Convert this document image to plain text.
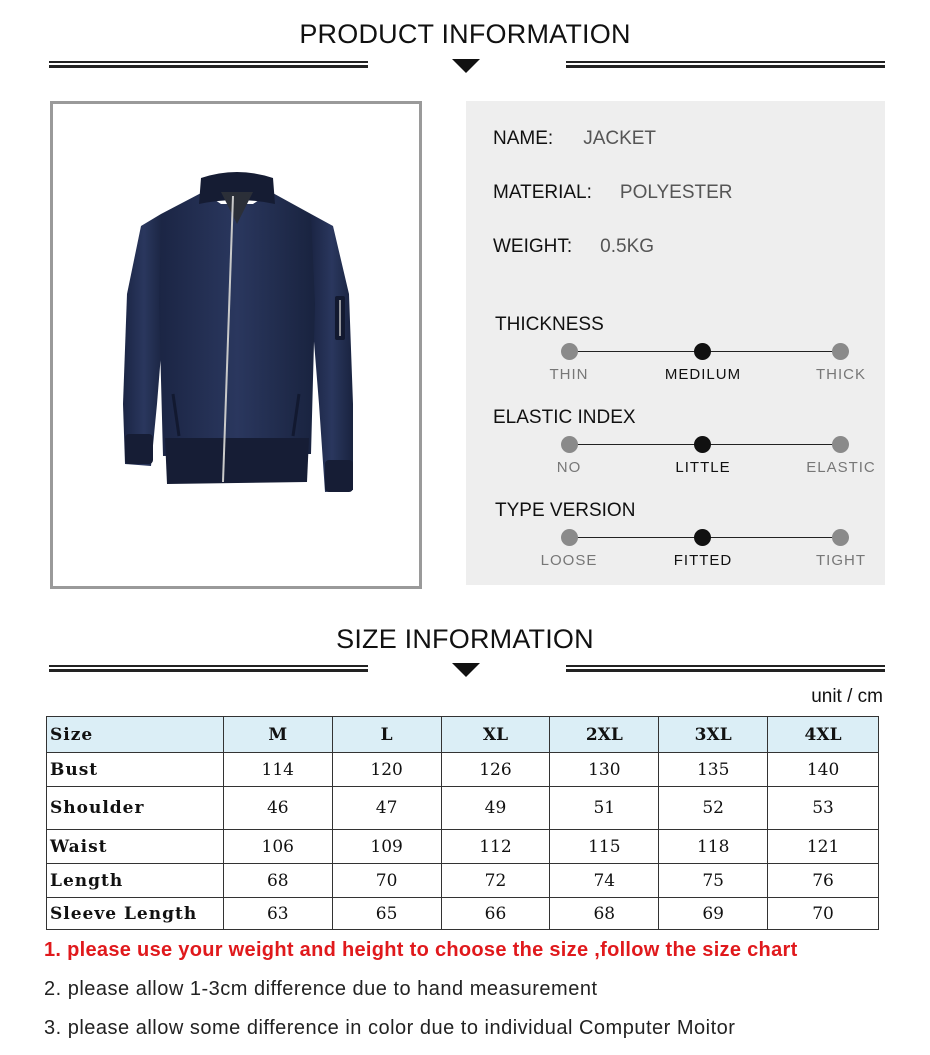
PRODUCT INFORMATION
NAME: JACKET
MATERIAL: POLYESTER
WEIGHT: 0.5KG
THICKNESS
THIN	MEDILUM	THICK
ELASTIC INDEX
NO	LITTLE	ELASTIC
TYPE VERSION
LOOSE	FITTED	TIGHT
SIZE INFORMATION
unit / cm
Size	M	L	XL	2XL	3XL	4XL
Bust	114	120	126	130	135	140
Shoulder	46	47	49	51	52	53
Waist	106	109	112	115	118	121
Length	68	70	72	74	75	76
Sleeve Length	63	65	66	68	69	70
1. please use your weight and height to choose the size ,follow the size chart
2. please allow 1-3cm difference due to hand measurement
3. please allow some difference in color due to individual Computer Moitor
